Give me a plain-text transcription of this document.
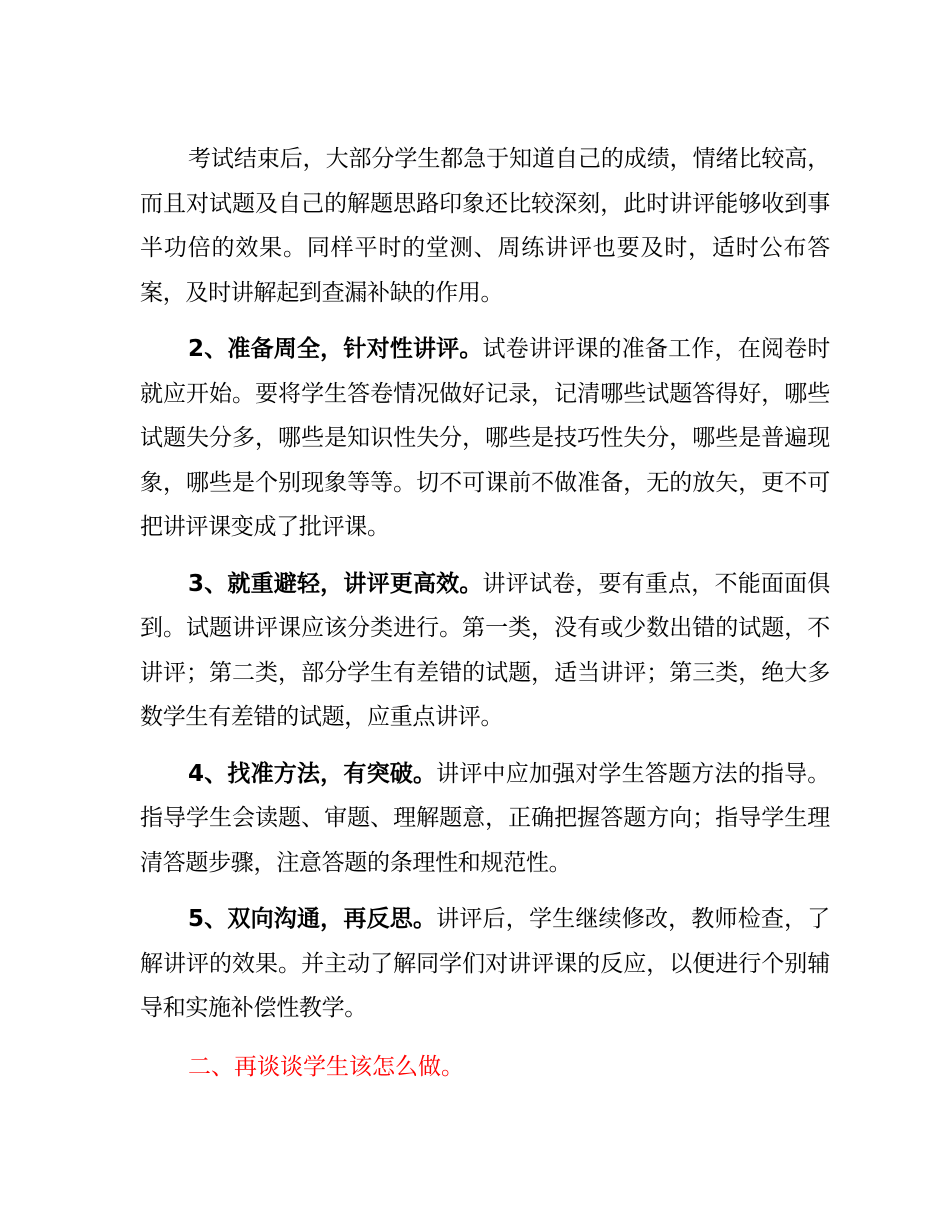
考试结束后，大部分学生都急于知道自己的成绩，情绪比较高，而且对试题及自己的解题思路印象还比较深刻，此时讲评能够收到事半功倍的效果。同样平时的堂测、周练讲评也要及时，适时公布答案，及时讲解起到查漏补缺的作用。

2、准备周全，针对性讲评。试卷讲评课的准备工作，在阅卷时就应开始。要将学生答卷情况做好记录，记清哪些试题答得好，哪些试题失分多，哪些是知识性失分，哪些是技巧性失分，哪些是普遍现象，哪些是个别现象等等。切不可课前不做准备，无的放矢，更不可把讲评课变成了批评课。

3、就重避轻，讲评更高效。讲评试卷，要有重点，不能面面俱到。试题讲评课应该分类进行。第一类，没有或少数出错的试题，不讲评；第二类，部分学生有差错的试题，适当讲评；第三类，绝大多数学生有差错的试题，应重点讲评。

4、找准方法，有突破。讲评中应加强对学生答题方法的指导。指导学生会读题、审题、理解题意，正确把握答题方向；指导学生理清答题步骤，注意答题的条理性和规范性。

5、双向沟通，再反思。讲评后，学生继续修改，教师检查，了解讲评的效果。并主动了解同学们对讲评课的反应，以便进行个别辅导和实施补偿性教学。

二、再谈谈学生该怎么做。
